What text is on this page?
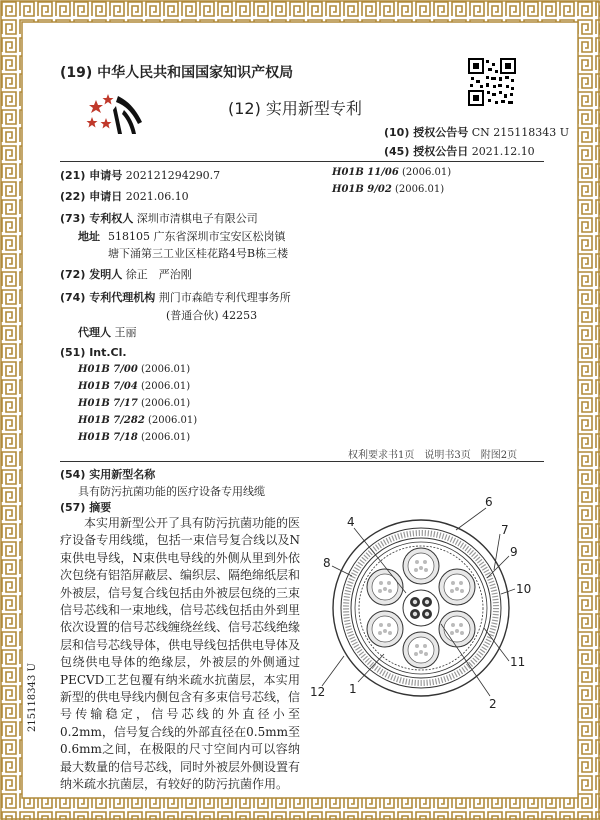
(19) 中华人民共和国国家知识产权局
(12) 实用新型专利
(10) 授权公告号 CN 215118343 U
(45) 授权公告日 2021.12.10
(21) 申请号 202121294290.7
(22) 申请日 2021.06.10
(73) 专利权人 深圳市清棋电子有限公司
地址 518105 广东省深圳市宝安区松岗镇
塘下涌第三工业区桂花路4号B栋三楼
(72) 发明人 徐正　严治刚
(74) 专利代理机构 荆门市森皓专利代理事务所
(普通合伙) 42253
代理人 王丽
(51) Int.Cl.
H01B 7/00 (2006.01)
H01B 7/04 (2006.01)
H01B 7/17 (2006.01)
H01B 7/282 (2006.01)
H01B 7/18 (2006.01)
H01B 11/06 (2006.01)
H01B 9/02 (2006.01)
权利要求书1页　说明书3页　附图2页
(54) 实用新型名称
具有防污抗菌功能的医疗设备专用线缆
(57) 摘要

本实用新型公开了具有防污抗菌功能的医疗设备专用线缆，包括一束信号复合线以及N束供电导线，N束供电导线的外侧从里到外依次包绕有铝箔屏蔽层、编织层、隔绝绵纸层和外被层，信号复合线包括由外被层包绕的三束信号芯线和一束地线，信号芯线包括由外到里依次设置的信号芯线缠绕丝线、信号芯线绝缘层和信号芯线导体，供电导线包括供电导体及包绕供电导体的绝缘层，外被层的外侧通过PECVD工艺包覆有纳米疏水抗菌层，本实用新型的供电导线内侧包含有多束信号芯线，信号传输稳定，信号芯线的外直径小至0.2mm，信号复合线的外部直径在0.5mm至0.6mm之间，在极限的尺寸空间内可以容纳最大数量的信号芯线，同时外被层外侧设置有纳米疏水抗菌层，有较好的防污抗菌作用。

4
6
7
9
8
10
11
12 1
2
215118343 U
